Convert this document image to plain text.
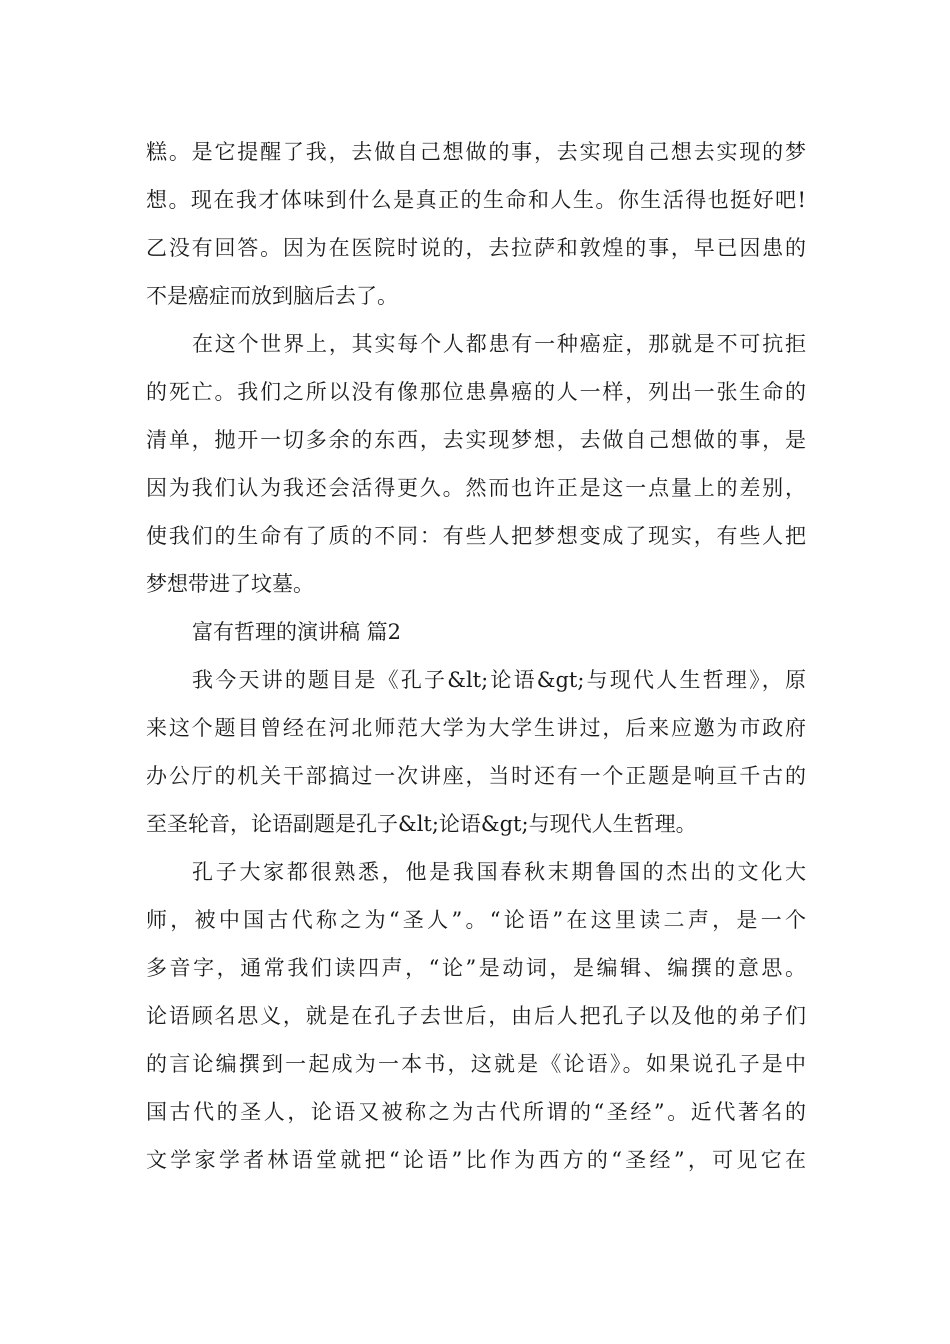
糕。是它提醒了我，去做自己想做的事，去实现自己想去实现的梦
想。现在我才体味到什么是真正的生命和人生。你生活得也挺好吧!
乙没有回答。因为在医院时说的，去拉萨和敦煌的事，早已因患的
不是癌症而放到脑后去了。
在这个世界上，其实每个人都患有一种癌症，那就是不可抗拒
的死亡。我们之所以没有像那位患鼻癌的人一样，列出一张生命的
清单，抛开一切多余的东西，去实现梦想，去做自己想做的事，是
因为我们认为我还会活得更久。然而也许正是这一点量上的差别，
使我们的生命有了质的不同：有些人把梦想变成了现实，有些人把
梦想带进了坟墓。
富有哲理的演讲稿 篇2
我今天讲的题目是《孔子&lt;论语&gt;与现代人生哲理》，原
来这个题目曾经在河北师范大学为大学生讲过，后来应邀为市政府
办公厅的机关干部搞过一次讲座，当时还有一个正题是响亘千古的
至圣轮音，论语副题是孔子&lt;论语&gt;与现代人生哲理。
孔子大家都很熟悉，他是我国春秋末期鲁国的杰出的文化大
师，被中国古代称之为“圣人”。“论语”在这里读二声，是一个
多音字，通常我们读四声，“论”是动词，是编辑、编撰的意思。
论语顾名思义，就是在孔子去世后，由后人把孔子以及他的弟子们
的言论编撰到一起成为一本书，这就是《论语》。如果说孔子是中
国古代的圣人，论语又被称之为古代所谓的“圣经”。近代著名的
文学家学者林语堂就把“论语”比作为西方的“圣经”，可见它在
